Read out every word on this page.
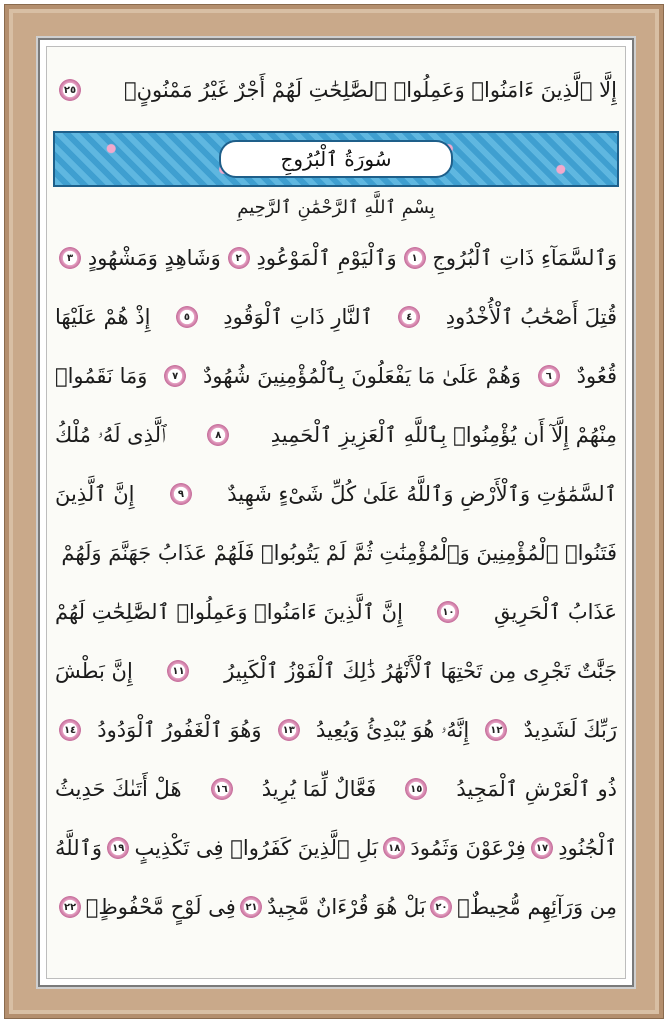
إِلَّا ٱلَّذِينَ ءَامَنُوا۟ وَعَمِلُوا۟ ٱلصَّٰلِحَٰتِ لَهُمْ أَجْرٌ غَيْرُ مَمْنُونٍۭ
٢٥
سُورَةُ ٱلْبُرُوجِ
بِسْمِ ٱللَّهِ ٱلرَّحْمَٰنِ ٱلرَّحِيمِ
وَٱلسَّمَآءِ ذَاتِ ٱلْبُرُوجِ
١
وَٱلْيَوْمِ ٱلْمَوْعُودِ
٢
وَشَاهِدٍ وَمَشْهُودٍ
٣
قُتِلَ أَصْحَٰبُ ٱلْأُخْدُودِ
٤
ٱلنَّارِ ذَاتِ ٱلْوَقُودِ
٥
إِذْ هُمْ عَلَيْهَا
قُعُودٌ
٦
وَهُمْ عَلَىٰ مَا يَفْعَلُونَ بِٱلْمُؤْمِنِينَ شُهُودٌ
٧
وَمَا نَقَمُوا۟
مِنْهُمْ إِلَّآ أَن يُؤْمِنُوا۟ بِٱللَّهِ ٱلْعَزِيزِ ٱلْحَمِيدِ
٨
ٱلَّذِى لَهُۥ مُلْكُ
ٱلسَّمَٰوَٰتِ وَٱلْأَرْضِ وَٱللَّهُ عَلَىٰ كُلِّ شَىْءٍ شَهِيدٌ
٩
إِنَّ ٱلَّذِينَ
فَتَنُوا۟ ٱلْمُؤْمِنِينَ وَٱلْمُؤْمِنَٰتِ ثُمَّ لَمْ يَتُوبُوا۟ فَلَهُمْ عَذَابُ جَهَنَّمَ وَلَهُمْ
عَذَابُ ٱلْحَرِيقِ
١٠
إِنَّ ٱلَّذِينَ ءَامَنُوا۟ وَعَمِلُوا۟ ٱلصَّٰلِحَٰتِ لَهُمْ
جَنَّٰتٌ تَجْرِى مِن تَحْتِهَا ٱلْأَنْهَٰرُ ذَٰلِكَ ٱلْفَوْزُ ٱلْكَبِيرُ
١١
إِنَّ بَطْشَ
رَبِّكَ لَشَدِيدٌ
١٢
إِنَّهُۥ هُوَ يُبْدِئُ وَيُعِيدُ
١٣
وَهُوَ ٱلْغَفُورُ ٱلْوَدُودُ
١٤
ذُو ٱلْعَرْشِ ٱلْمَجِيدُ
١٥
فَعَّالٌ لِّمَا يُرِيدُ
١٦
هَلْ أَتَىٰكَ حَدِيثُ
ٱلْجُنُودِ
١٧
فِرْعَوْنَ وَثَمُودَ
١٨
بَلِ ٱلَّذِينَ كَفَرُوا۟ فِى تَكْذِيبٍ
١٩
وَٱللَّهُ
مِن وَرَآئِهِم مُّحِيطٌۢ
٢٠
بَلْ هُوَ قُرْءَانٌ مَّجِيدٌ
٢١
فِى لَوْحٍ مَّحْفُوظٍۭ
٢٢
